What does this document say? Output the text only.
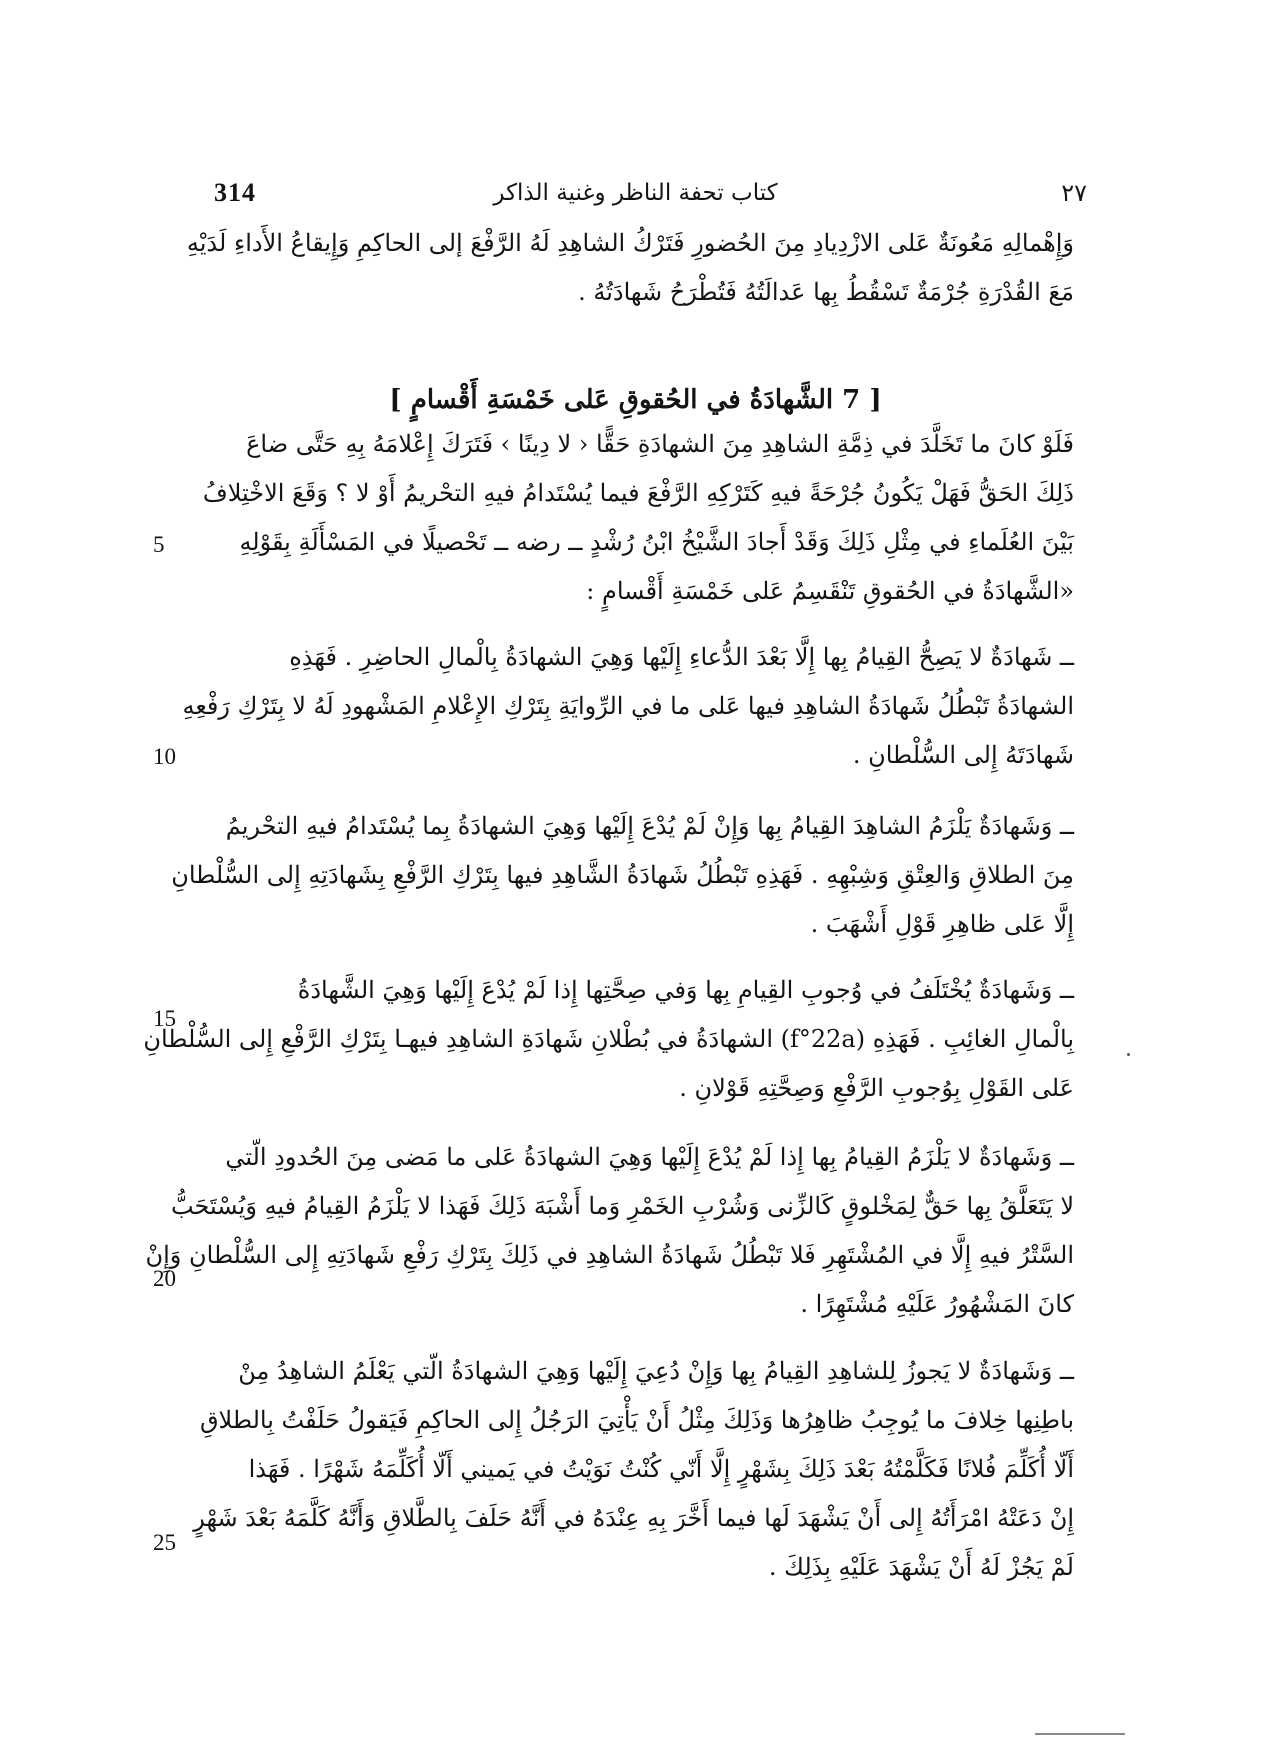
314	كتاب تحفة الناظر وغنية الذاكر	٢٧
وَإِهْمالِهِ مَعُونَةٌ عَلى الازْدِيادِ مِنَ الحُضورِ فَتَرْكُ الشاهِدِ لَهُ الرَّفْعَ إلى الحاكِمِ وَإِيقاعُ الأَداءِ لَدَيْهِ
مَعَ القُدْرَةِ جُرْمَةٌ تَسْقُطُ بِها عَدالَتُهُ فَتُطْرَحُ شَهادَتُهُ .
[ 7 الشَّهادَةُ في الحُقوقِ عَلى خَمْسَةِ أَقْسامٍ ]
فَلَوْ كانَ ما تَخَلَّدَ في ذِمَّةِ الشاهِدِ مِنَ الشهادَةِ حَقًّا ‹ لا دِينًا › فَتَرَكَ إِعْلامَهُ بِهِ حَتَّى ضاعَ
ذَلِكَ الحَقُّ فَهَلْ يَكُونُ جُرْحَةً فيهِ كَتَرْكِهِ الرَّفْعَ فيما يُسْتَدامُ فيهِ التحْريمُ أَوْ لا ؟ وَقَعَ الاخْتِلافُ
بَيْنَ العُلَماءِ في مِثْلِ ذَلِكَ وَقَدْ أَجادَ الشَّيْخُ ابْنُ رُشْدٍ ــ رضه ــ تَحْصيلًا في المَسْأَلَةِ بِقَوْلِهِ
«الشَّهادَةُ في الحُقوقِ تَنْقَسِمُ عَلى خَمْسَةِ أَقْسامٍ :
ــ شَهادَةٌ لا يَصِحُّ القِيامُ بِها إِلَّا بَعْدَ الدُّعاءِ إِلَيْها وَهِيَ الشهادَةُ بِالْمالِ الحاضِرِ . فَهَذِهِ
الشهادَةُ تَبْطُلُ شَهادَةُ الشاهِدِ فيها عَلى ما في الرِّوايَةِ بِتَرْكِ الإِعْلامِ المَشْهودِ لَهُ لا بِتَرْكِ رَفْعِهِ
شَهادَتَهُ إِلى السُّلْطانِ .
ــ وَشَهادَةٌ يَلْزَمُ الشاهِدَ القِيامُ بِها وَإِنْ لَمْ يُدْعَ إِلَيْها وَهِيَ الشهادَةُ بِما يُسْتَدامُ فيهِ التحْريمُ
مِنَ الطلاقِ وَالعِتْقِ وَشِبْهِهِ . فَهَذِهِ تَبْطُلُ شَهادَةُ الشَّاهِدِ فيها بِتَرْكِ الرَّفْعِ بِشَهادَتِهِ إِلى السُّلْطانِ
إِلَّا عَلى ظاهِرِ قَوْلِ أَشْهَبَ .
ــ وَشَهادَةٌ يُخْتَلَفُ في وُجوبِ القِيامِ بِها وَفي صِحَّتِها إِذا لَمْ يُدْعَ إِلَيْها وَهِيَ الشَّهادَةُ
بِالْمالِ الغائِبِ . فَهَذِهِ (f°22a) الشهادَةُ في بُطْلانِ شَهادَةِ الشاهِدِ فيهـا بِتَرْكِ الرَّفْعِ إِلى السُّلْطانِ
عَلى القَوْلِ بِوُجوبِ الرَّفْعِ وَصِحَّتِهِ قَوْلانِ .
ــ وَشَهادَةٌ لا يَلْزَمُ القِيامُ بِها إِذا لَمْ يُدْعَ إِلَيْها وَهِيَ الشهادَةُ عَلى ما مَضى مِنَ الحُدودِ الّتي
لا يَتَعَلَّقُ بِها حَقٌّ لِمَخْلوقٍ كَالزِّنى وَشُرْبِ الخَمْرِ وَما أَشْبَهَ ذَلِكَ فَهَذا لا يَلْزَمُ القِيامُ فيهِ وَيُسْتَحَبُّ
السَّتْرُ فيهِ إِلَّا في المُشْتَهِرِ فَلا تَبْطُلُ شَهادَةُ الشاهِدِ في ذَلِكَ بِتَرْكِ رَفْعِ شَهادَتِهِ إِلى السُّلْطانِ وَإِنْ
كانَ المَشْهُورُ عَلَيْهِ مُشْتَهِرًا .
ــ وَشَهادَةٌ لا يَجوزُ لِلشاهِدِ القِيامُ بِها وَإِنْ دُعِيَ إِلَيْها وَهِيَ الشهادَةُ الّتي يَعْلَمُ الشاهِدُ مِنْ
باطِنِها خِلافَ ما يُوجِبُ ظاهِرُها وَذَلِكَ مِثْلُ أَنْ يَأْتِيَ الرَجُلُ إِلى الحاكِمِ فَيَقولُ حَلَفْتُ بِالطلاقِ
أَلّا أُكَلِّمَ فُلانًا فَكَلَّمْتُهُ بَعْدَ ذَلِكَ بِشَهْرٍ إِلَّا أَنّي كُنْتُ نَوَيْتُ في يَميني أَلّا أُكَلِّمَهُ شَهْرًا . فَهَذا
إِنْ دَعَتْهُ امْرَأَتُهُ إِلى أَنْ يَشْهَدَ لَها فيما أَخَّرَ بِهِ عِنْدَهُ في أَنَّهُ حَلَفَ بِالطَّلاقِ وَأَنَّهُ كَلَّمَهُ بَعْدَ شَهْرٍ
لَمْ يَجُزْ لَهُ أَنْ يَشْهَدَ عَلَيْهِ بِذَلِكَ .
5
10
15
20
25
